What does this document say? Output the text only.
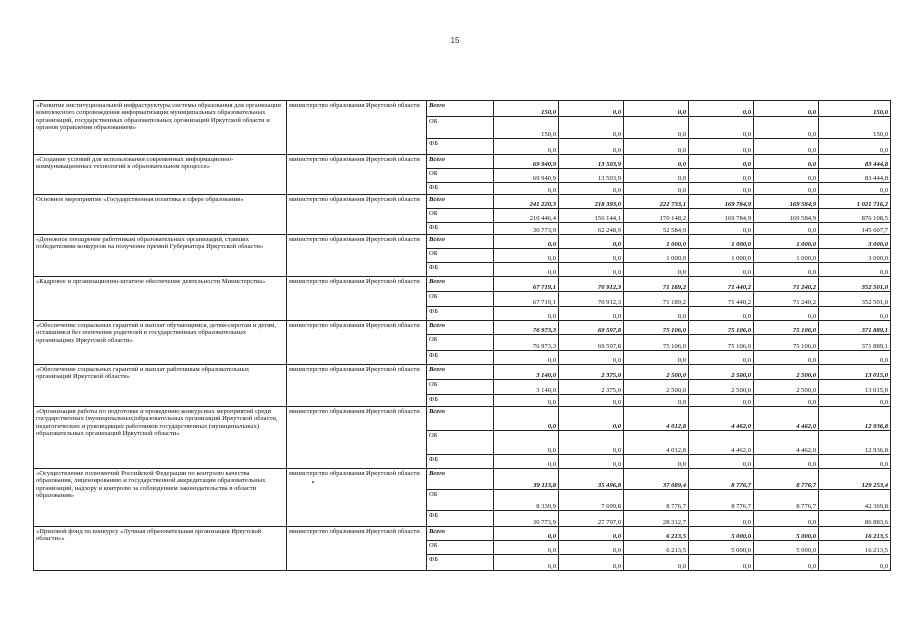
15
«Развитие институциональной инфраструктуры системы образования для организации комплексного сопровождения информатизации муниципальных образовательных организаций, государственных образовательных организаций Иркутской области и органов управления образованием»	министерство образования Иркутской области	Всего	150,0	0,0	0,0	0,0	0,0	150,0
		ОБ	150,0	0,0	0,0	0,0	0,0	150,0
		ФБ	0,0	0,0	0,0	0,0	0,0	0,0
«Создание условий для использования современных информационно-коммуникационных технологий в образовательном процессе»	министерство образования Иркутской области	Всего	69 940,9	13 503,9	0,0	0,0	0,0	83 444,8
		ОБ	69 940,9	13 503,9	0,0	0,0	0,0	83 444,8
		ФБ	0,0	0,0	0,0	0,0	0,0	0,0
Основное мероприятие «Государственная политика в сфере образования»	министерство образования Иркутской области	Всего	241 220,3	218 393,0	222 733,1	169 784,9	169 584,9	1 021 716,2
		ОБ	210 446,4	156 144,1	170 148,2	169 784,9	169 584,9	876 108,5
		ФБ	30 773,9	62 248,9	52 584,9	0,0	0,0	145 607,7
«Денежное поощрение работникам образовательных организаций, ставших победителями конкурсов на получение премий Губернатора Иркутской области»	министерство образования Иркутской области	Всего	0,0	0,0	1 000,0	1 000,0	1 000,0	3 000,0
		ОБ	0,0	0,0	1 000,0	1 000,0	1 000,0	3 000,0
		ФБ	0,0	0,0	0,0	0,0	0,0	0,0
«Кадровое и организационно-штатное обеспечение деятельности Министерства»	министерство образования Иркутской области	Всего	67 719,1	70 912,3	71 189,2	71 440,2	71 240,2	352 501,0
		ОБ	67 719,1	70 912,3	71 189,2	71 440,2	71 240,2	352 501,0
		ФБ	0,0	0,0	0,0	0,0	0,0	0,0
«Обеспечение социальных гарантий и выплат обучающимся, детям-сиротам и детям, оставшимся без попечения родителей в государственных образовательных организациях Иркутской области»	министерство образования Иркутской области	Всего	76 973,3	69 597,8	75 106,0	75 106,0	75 106,0	371 889,1
		ОБ	76 973,3	69 597,8	75 106,0	75 106,0	75 106,0	371 889,1
		ФБ	0,0	0,0	0,0	0,0	0,0	0,0
«Обеспечение социальных гарантий и выплат работникам образовательных организаций Иркутской области»	министерство образования Иркутской области	Всего	3 140,0	2 375,0	2 500,0	2 500,0	2 500,0	13 015,0
		ОБ	3 140,0	2 375,0	2 500,0	2 500,0	2 500,0	13 015,0
		ФБ	0,0	0,0	0,0	0,0	0,0	0,0
«Организация работы по подготовке и проведению конкурсных мероприятий среди государственных (муниципальных)образовательных организаций Иркутской области, педагогических и руководящих работников государственных (муниципальных) образовательных организаций Иркутской области»	министерство образования Иркутской области	Всего	0,0	0,0	4 012,8	4 462,0	4 462,0	12 936,8
		ОБ	0,0	0,0	4 012,8	4 462,0	4 462,0	12 936,8
		ФБ	0,0	0,0	0,0	0,0	0,0	0,0
«Осуществление полномочий Российской Федерации по контролю качества образования, лицензированию и государственной аккредитации образовательных организаций, надзору и контролю за соблюдением законодательства в области образования»	министерство образования Иркутской области	Всего	39 113,8	35 496,8	37 089,4	8 776,7	8 776,7	129 253,4
		ОБ	8 339,9	7 699,8	8 776,7	8 776,7	8 776,7	42 369,8
		ФБ	30 773,9	27 797,0	28 312,7	0,0	0,0	86 883,6
«Призовой фонд по конкурсу «Лучшая образовательная организация Иркутской области»»	министерство образования Иркутской области	Всего	0,0	0,0	6 213,5	5 000,0	5 000,0	16 213,5
		ОБ	0,0	0,0	6 213,5	5 000,0	5 000,0	16 213,5
		ФБ	0,0	0,0	0,0	0,0	0,0	0,0
